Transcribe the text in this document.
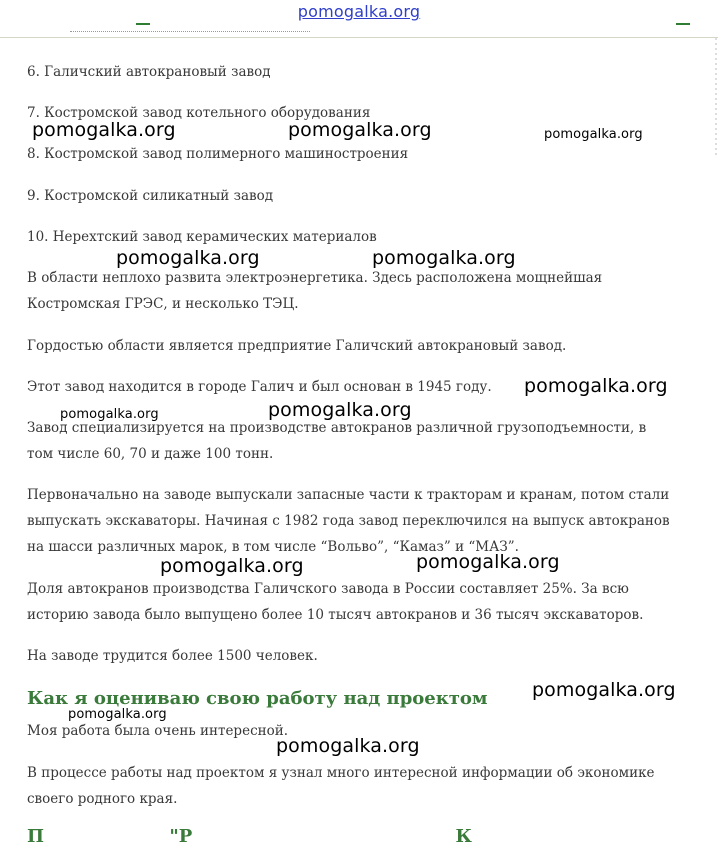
pomogalka.org

6. Галичский автокрановый завод

7. Костромской завод котельного оборудования

8. Костромской завод полимерного машиностроения

9. Костромской силикатный завод

10. Нерехтский завод керамических материалов

В области неплохо развита электроэнергетика. Здесь расположена мощнейшая

Костромская ГРЭС, и несколько ТЭЦ.

Гордостью области является предприятие Галичский автокрановый завод.

Этот завод находится в городе Галич и был основан в 1945 году.

Завод специализируется на производстве автокранов различной грузоподъемности, в

том числе 60, 70 и даже 100 тонн.

Первоначально на заводе выпускали запасные части к тракторам и кранам, потом стали

выпускать экскаваторы. Начиная с 1982 года завод переключился на выпуск автокранов

на шасси различных марок, в том числе “Вольво”, “Камаз” и “МАЗ”.

Доля автокранов производства Галичского завода в России составляет 25%. За всю

историю завода было выпущено более 10 тысяч автокранов и 36 тысяч экскаваторов.

На заводе трудится более 1500 человек.

Как я оцениваю свою работу над проектом

Моя работа была очень интересной.

В процессе работы над проектом я узнал много интересной информации об экономике

своего родного края.

П                    "Р                                          К
pomogalka.org	pomogalka.org	pomogalka.org
pomogalka.org	pomogalka.org
pomogalka.org
pomogalka.org	pomogalka.org
pomogalka.org	pomogalka.org
pomogalka.org
pomogalka.org
pomogalka.org
